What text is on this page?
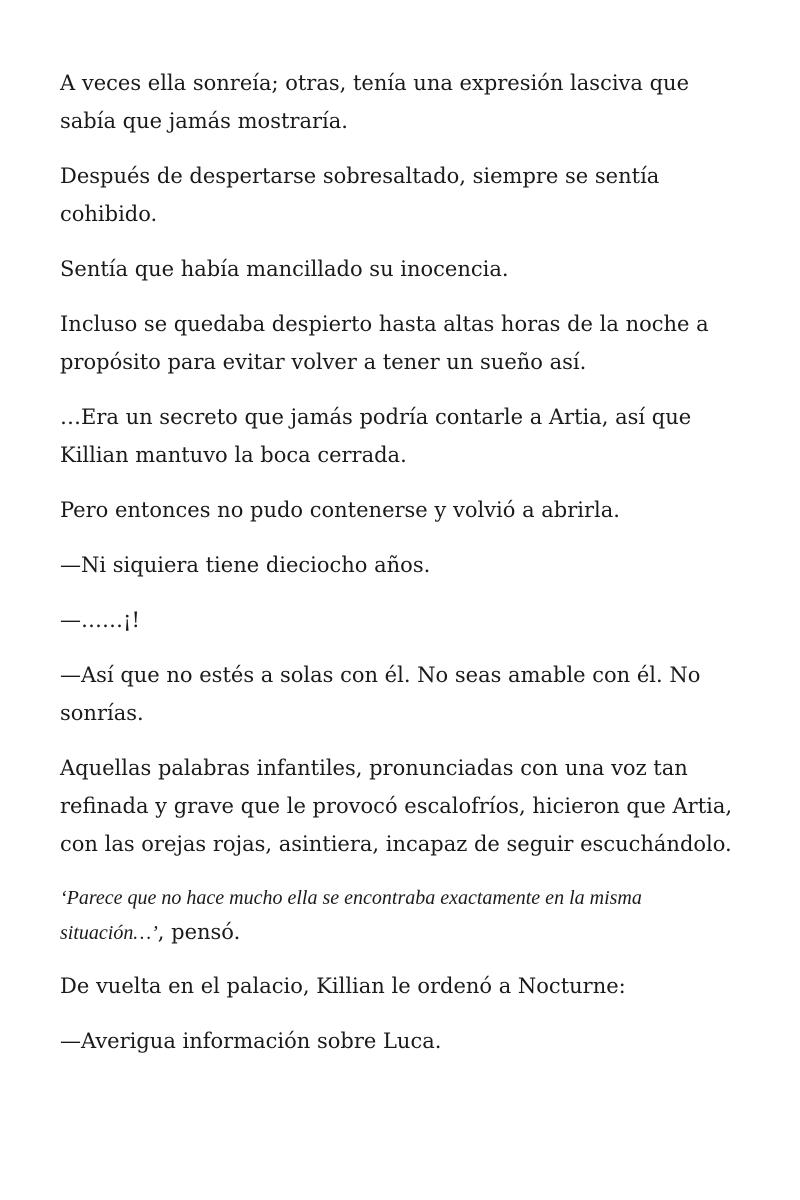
A veces ella sonreía; otras, tenía una expresión lasciva que sabía que jamás mostraría.

Después de despertarse sobresaltado, siempre se sentía cohibido.

Sentía que había mancillado su inocencia.

Incluso se quedaba despierto hasta altas horas de la noche a propósito para evitar volver a tener un sueño así.

…Era un secreto que jamás podría contarle a Artia, así que Killian mantuvo la boca cerrada.

Pero entonces no pudo contenerse y volvió a abrirla.

—Ni siquiera tiene dieciocho años.

—……¡!

—Así que no estés a solas con él. No seas amable con él. No sonrías.

Aquellas palabras infantiles, pronunciadas con una voz tan refinada y grave que le provocó escalofríos, hicieron que Artia, con las orejas rojas, asintiera, incapaz de seguir escuchándolo.

‘Parece que no hace mucho ella se encontraba exactamente en la misma situación…’, pensó.

De vuelta en el palacio, Killian le ordenó a Nocturne:

—Averigua información sobre Luca.
